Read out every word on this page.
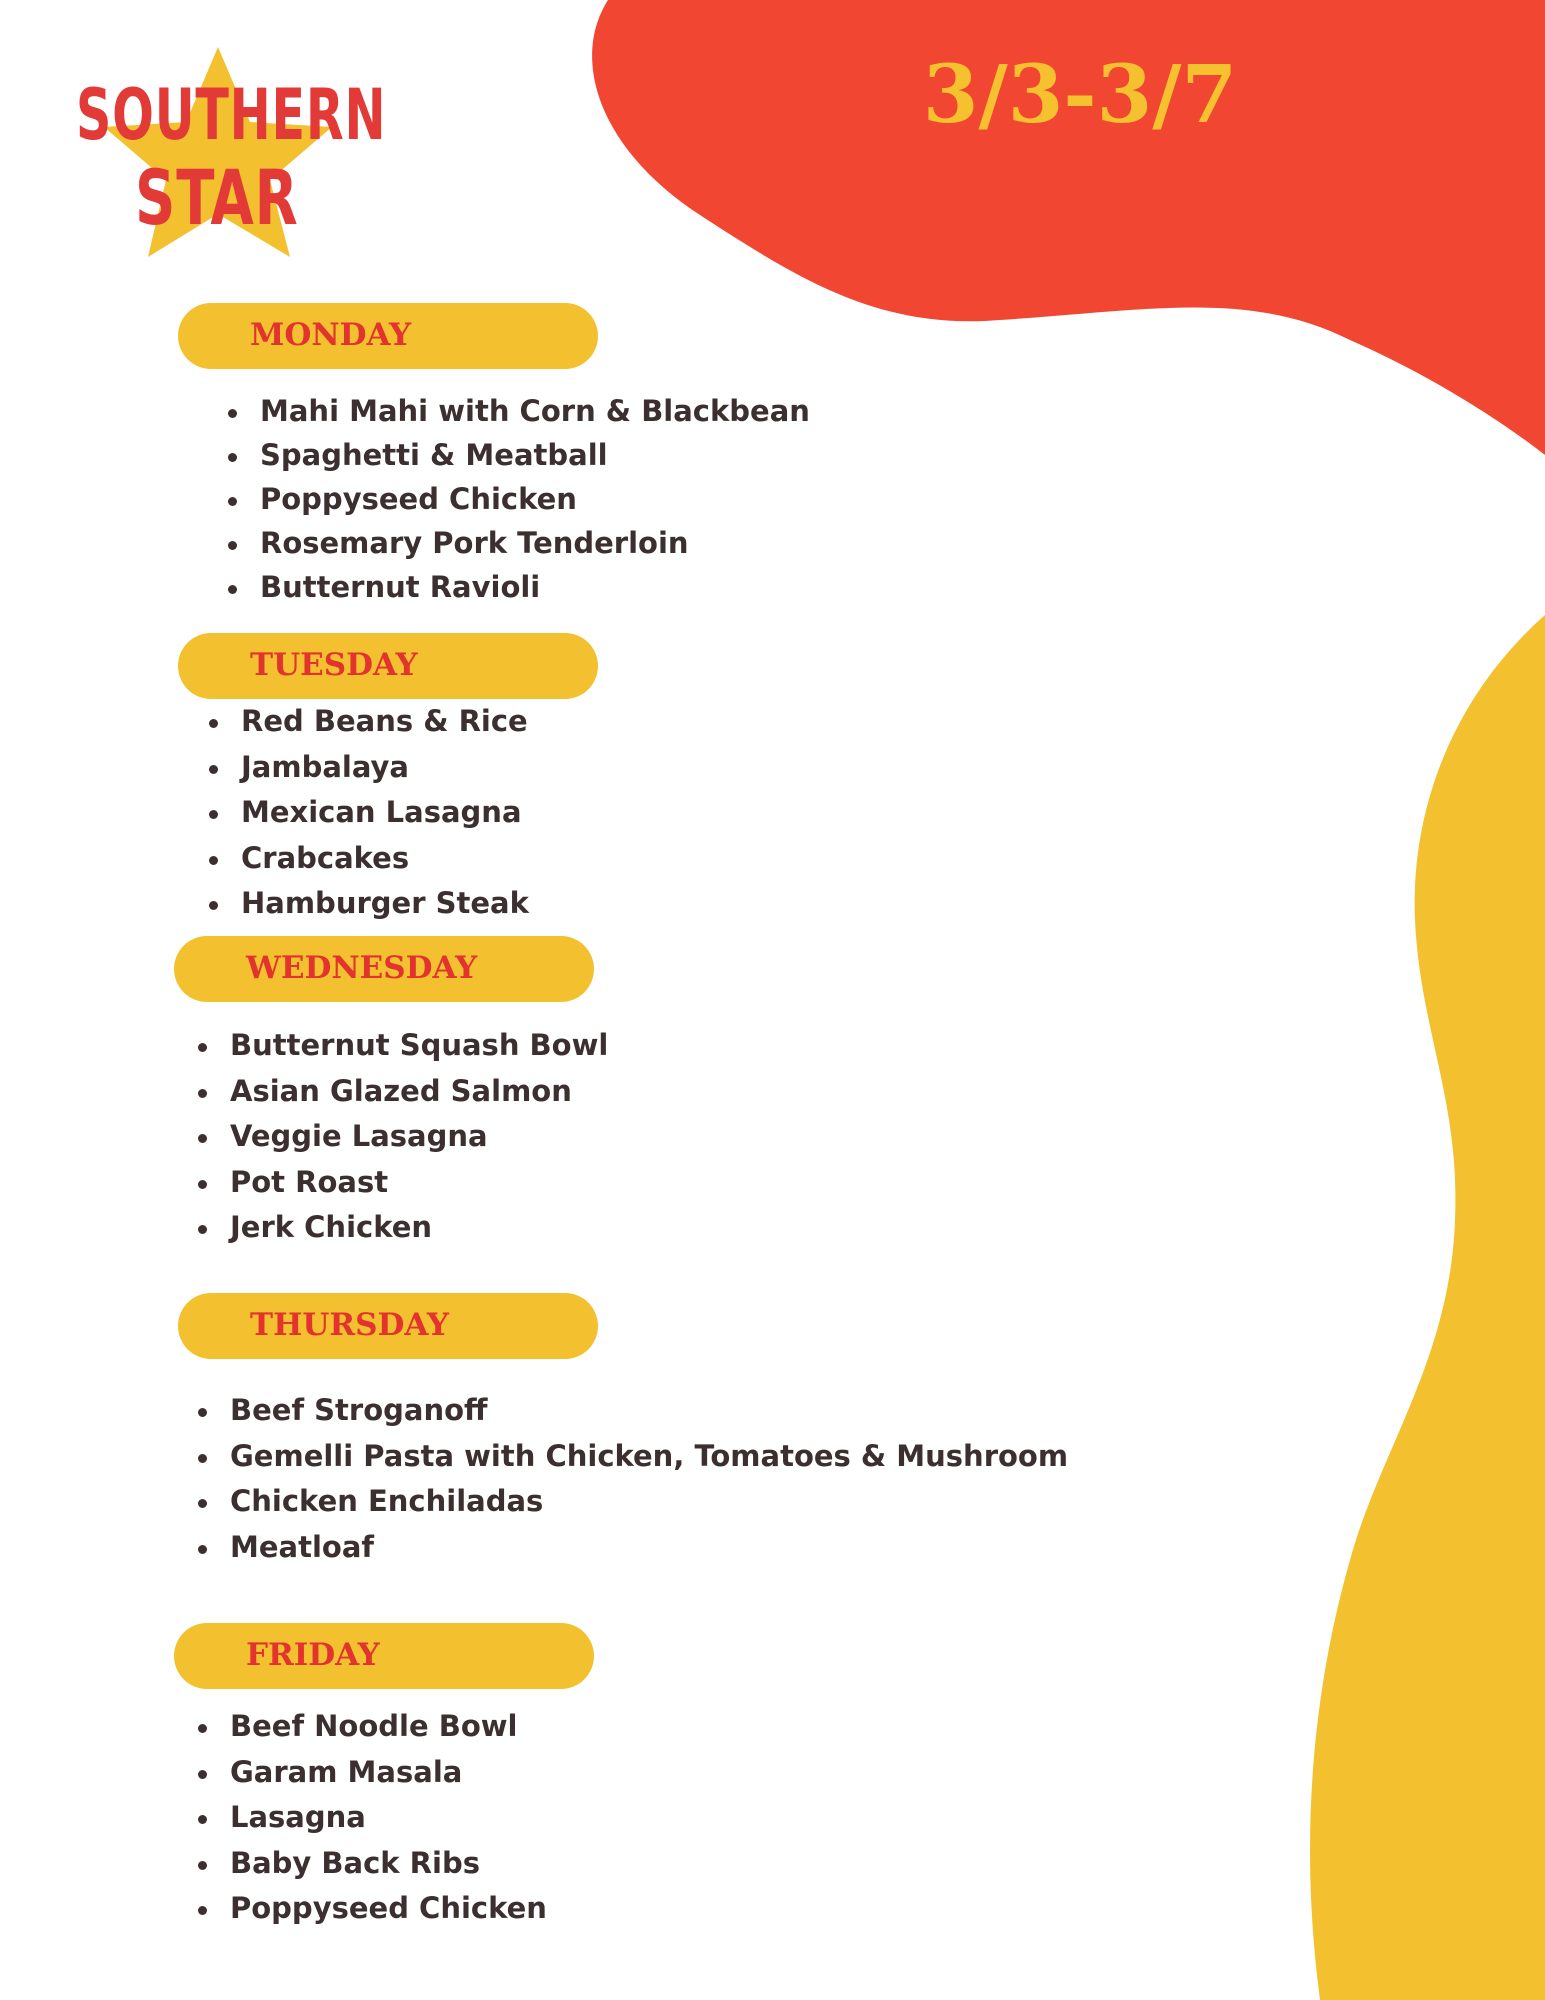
SOUTHERN
STAR
3/3-3/7
MONDAY
Mahi Mahi with Corn & Blackbean
Spaghetti & Meatball
Poppyseed Chicken
Rosemary Pork Tenderloin
Butternut Ravioli
TUESDAY
Red Beans & Rice
Jambalaya
Mexican Lasagna
Crabcakes
Hamburger Steak
WEDNESDAY
Butternut Squash Bowl
Asian Glazed Salmon
Veggie Lasagna
Pot Roast
Jerk Chicken
THURSDAY
Beef Stroganoff
Gemelli Pasta with Chicken, Tomatoes & Mushroom
Chicken Enchiladas
Meatloaf
FRIDAY
Beef Noodle Bowl
Garam Masala
Lasagna
Baby Back Ribs
Poppyseed Chicken
